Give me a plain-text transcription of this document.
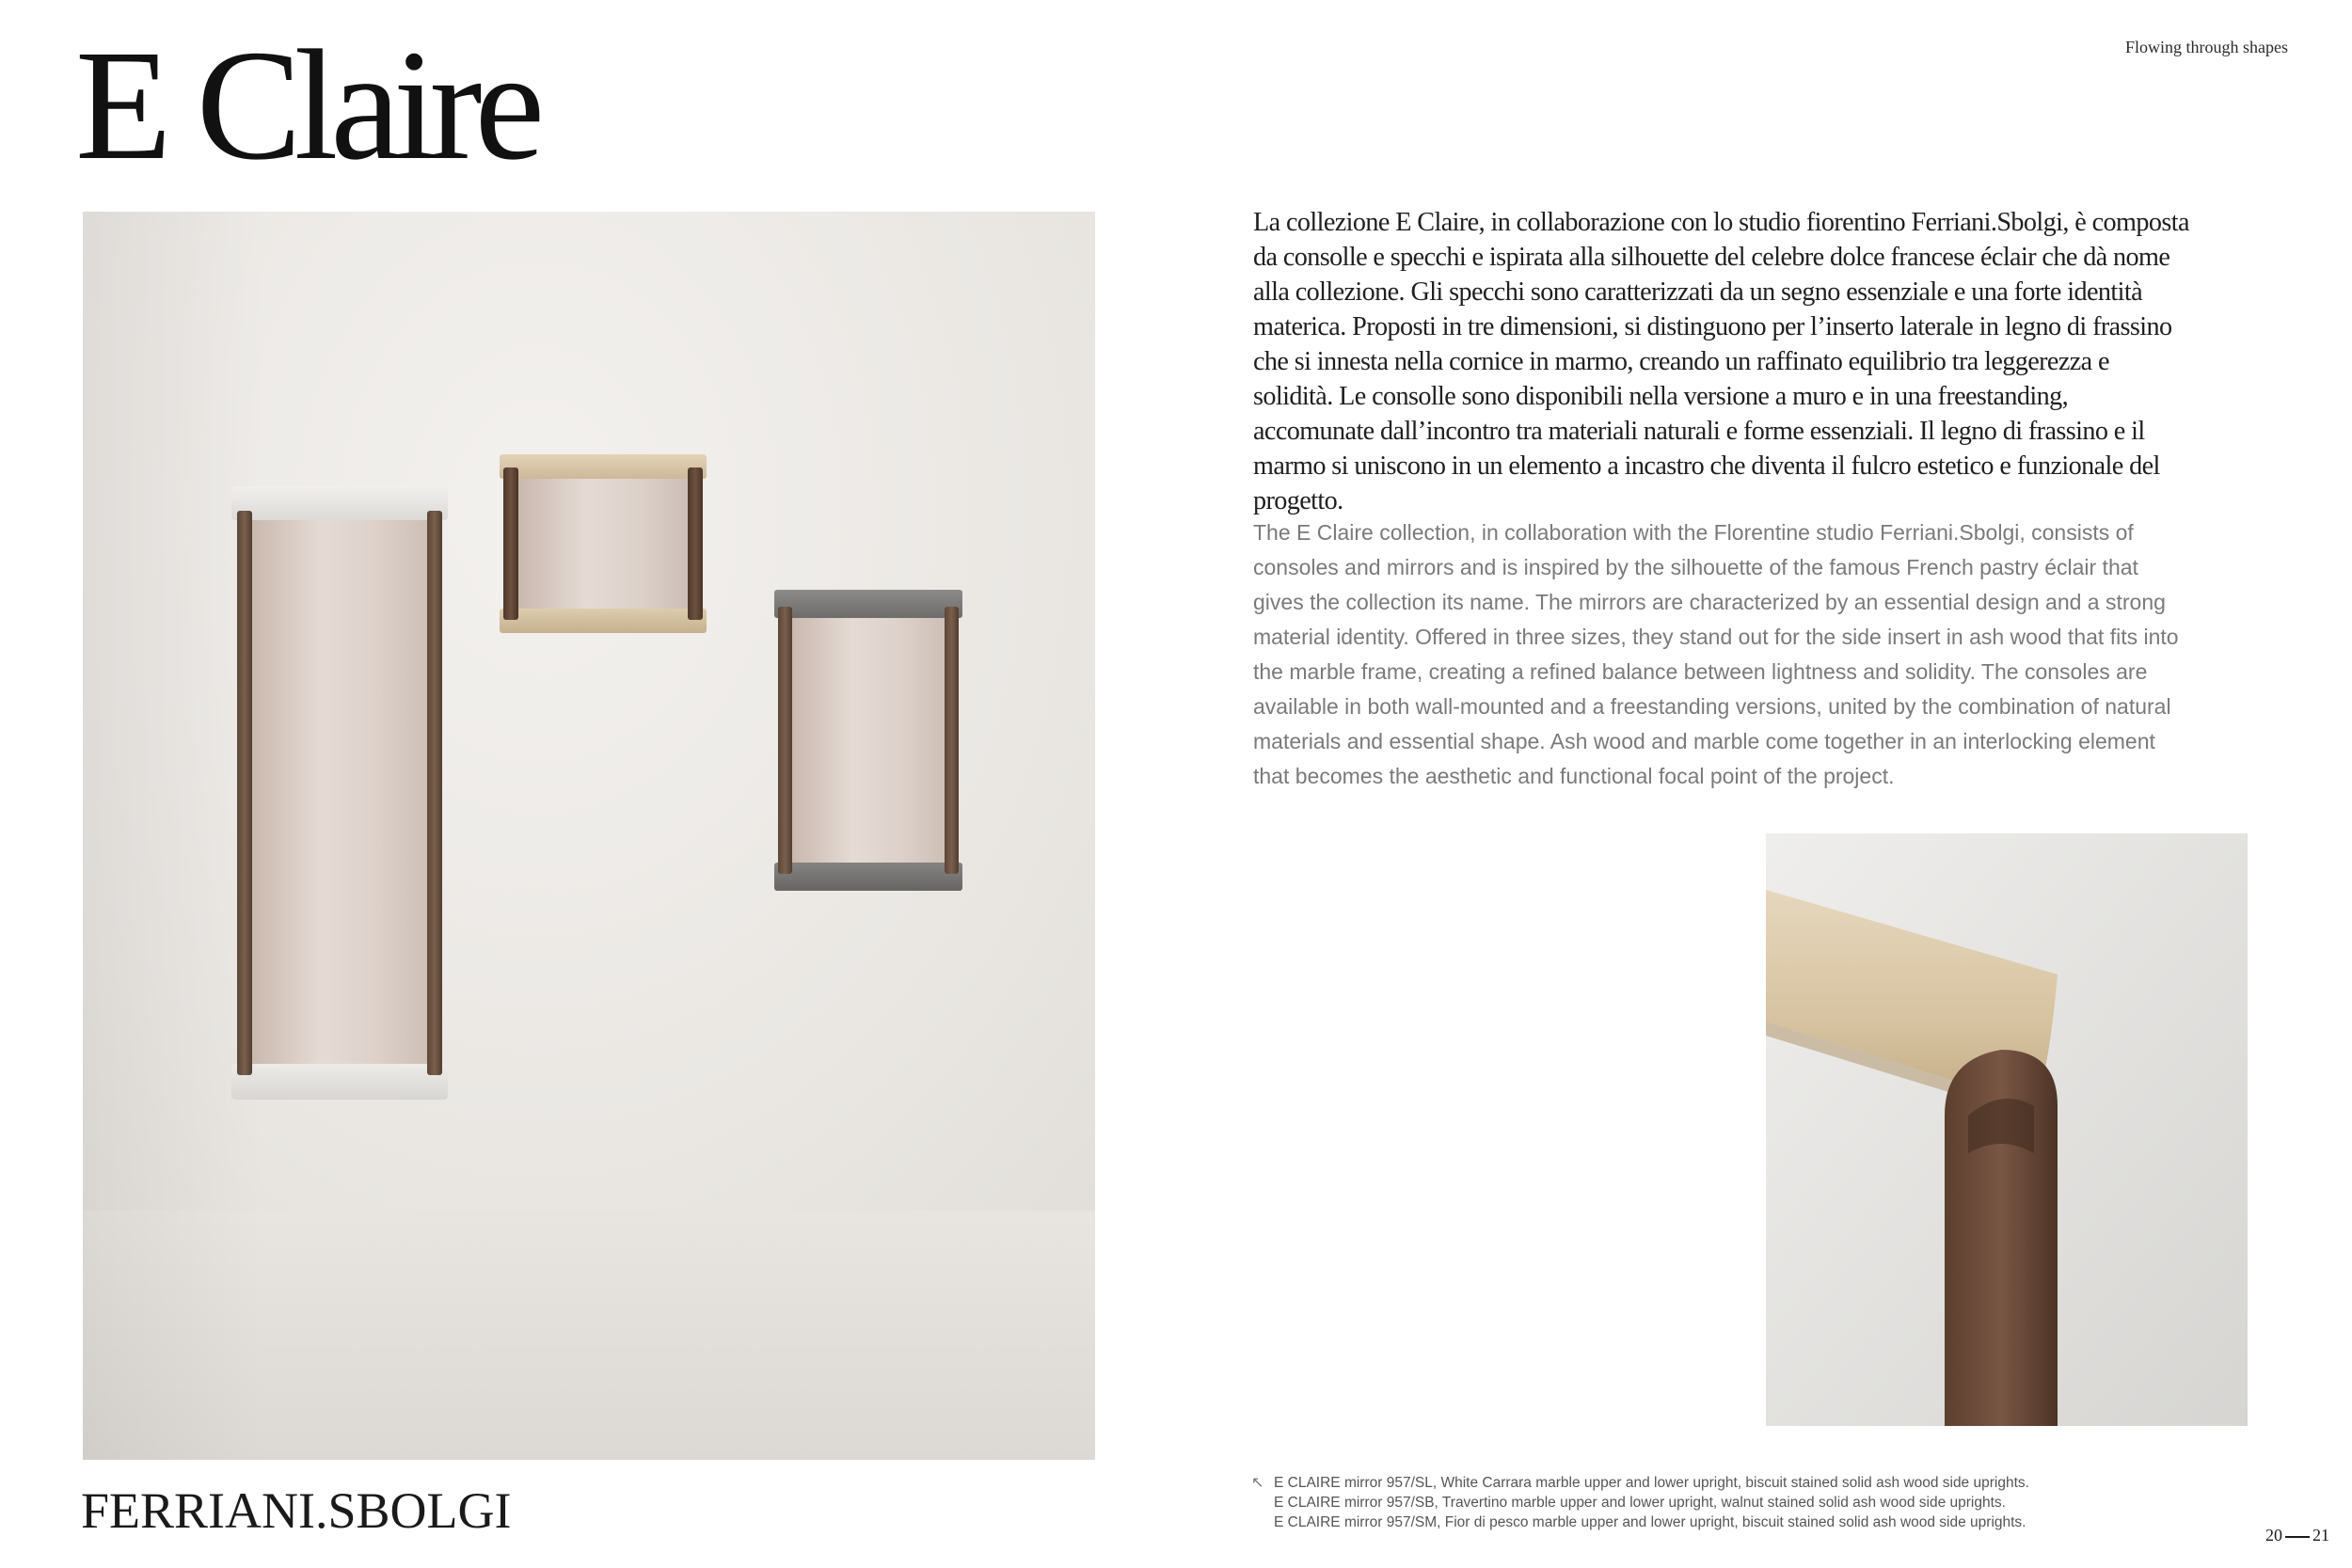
E Claire	Flowing through shapes

La collezione E Claire, in collaborazione con lo studio fiorentino Ferriani.Sbolgi, è composta da consolle e specchi e ispirata alla silhouette del celebre dolce francese éclair che dà nome alla collezione. Gli specchi sono caratterizzati da un segno essenziale e una forte identità materica. Proposti in tre dimensioni, si distinguono per l’inserto laterale in legno di frassino che si innesta nella cornice in marmo, creando un raffinato equilibrio tra leggerezza e solidità. Le consolle sono disponibili nella versione a muro e in una freestanding, accomunate dall’incontro tra materiali naturali e forme essenziali. Il legno di frassino e il marmo si uniscono in un elemento a incastro che diventa il fulcro estetico e funzionale del progetto.

The E Claire collection, in collaboration with the Florentine studio Ferriani.Sbolgi, consists of consoles and mirrors and is inspired by the silhouette of the famous French pastry éclair that gives the collection its name. The mirrors are characterized by an essential design and a strong material identity. Offered in three sizes, they stand out for the side insert in ash wood that fits into the marble frame, creating a refined balance between lightness and solidity. The consoles are available in both wall-mounted and a freestanding versions, united by the combination of natural materials and essential shape. Ash wood and marble come together in an interlocking element that becomes the aesthetic and functional focal point of the project.

FERRIANI.SBOLGI	↖ E CLAIRE mirror 957/SL, White Carrara marble upper and lower upright, biscuit stained solid ash wood side uprights.
E CLAIRE mirror 957/SB, Travertino marble upper and lower upright, walnut stained solid ash wood side uprights.
E CLAIRE mirror 957/SM, Fior di pesco marble upper and lower upright, biscuit stained solid ash wood side uprights.
20 21
